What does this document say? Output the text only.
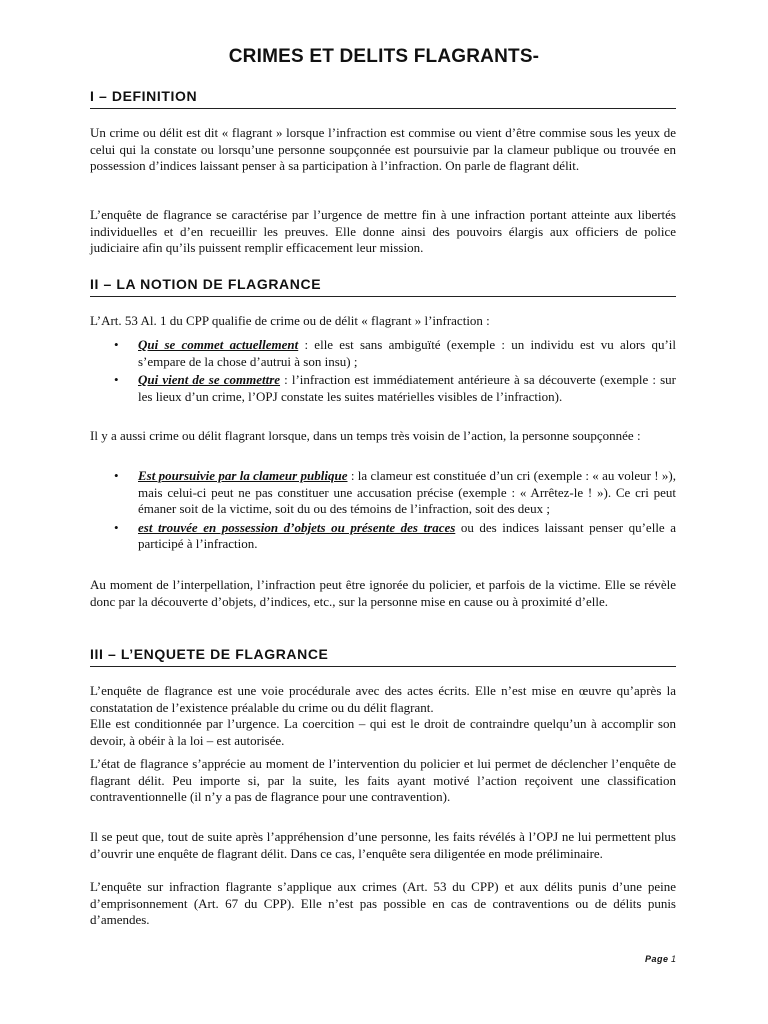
CRIMES ET DELITS FLAGRANTS-
I – DEFINITION

Un crime ou délit est dit « flagrant » lorsque l’infraction est commise ou vient d’être commise sous les yeux de celui qui la constate ou lorsqu’une personne soupçonnée est poursuivie par la clameur publique ou trouvée en possession d’indices laissant penser à sa participation à l’infraction. On parle de flagrant délit.

L’enquête de flagrance se caractérise par l’urgence de mettre fin à une infraction portant atteinte aux libertés individuelles et d’en recueillir les preuves. Elle donne ainsi des pouvoirs élargis aux officiers de police judiciaire afin qu’ils puissent remplir efficacement leur mission.

II – LA NOTION DE FLAGRANCE

L’Art. 53 Al. 1 du CPP qualifie de crime ou de délit « flagrant » l’infraction :

• Qui se commet actuellement : elle est sans ambiguïté (exemple : un individu est vu alors qu’il s’empare de la chose d’autrui à son insu) ;
• Qui vient de se commettre : l’infraction est immédiatement antérieure à sa découverte (exemple : sur les lieux d’un crime, l’OPJ constate les suites matérielles visibles de l’infraction).

Il y a aussi crime ou délit flagrant lorsque, dans un temps très voisin de l’action, la personne soupçonnée :

• Est poursuivie par la clameur publique : la clameur est constituée d’un cri (exemple : « au voleur ! »), mais celui-ci peut ne pas constituer une accusation précise (exemple : « Arrêtez-le ! »). Ce cri peut émaner soit de la victime, soit du ou des témoins de l’infraction, soit des deux ;
• est trouvée en possession d’objets ou présente des traces ou des indices laissant penser qu’elle a participé à l’infraction.

Au moment de l’interpellation, l’infraction peut être ignorée du policier, et parfois de la victime. Elle se révèle donc par la découverte d’objets, d’indices, etc., sur la personne mise en cause ou à proximité d’elle.

III – L’ENQUETE DE FLAGRANCE

L’enquête de flagrance est une voie procédurale avec des actes écrits. Elle n’est mise en œuvre qu’après la constatation de l’existence préalable du crime ou du délit flagrant.

Elle est conditionnée par l’urgence. La coercition – qui est le droit de contraindre quelqu’un à accomplir son devoir, à obéir à la loi – est autorisée.

L’état de flagrance s’apprécie au moment de l’intervention du policier et lui permet de déclencher l’enquête de flagrant délit. Peu importe si, par la suite, les faits ayant motivé l’action reçoivent une classification contraventionnelle (il n’y a pas de flagrance pour une contravention).

Il se peut que, tout de suite après l’appréhension d’une personne, les faits révélés à l’OPJ ne lui permettent plus d’ouvrir une enquête de flagrant délit. Dans ce cas, l’enquête sera diligentée en mode préliminaire.

L’enquête sur infraction flagrante s’applique aux crimes (Art. 53 du CPP) et aux délits punis d’une peine d’emprisonnement (Art. 67 du CPP). Elle n’est pas possible en cas de contraventions ou de délits punis d’amendes.

Page 1
